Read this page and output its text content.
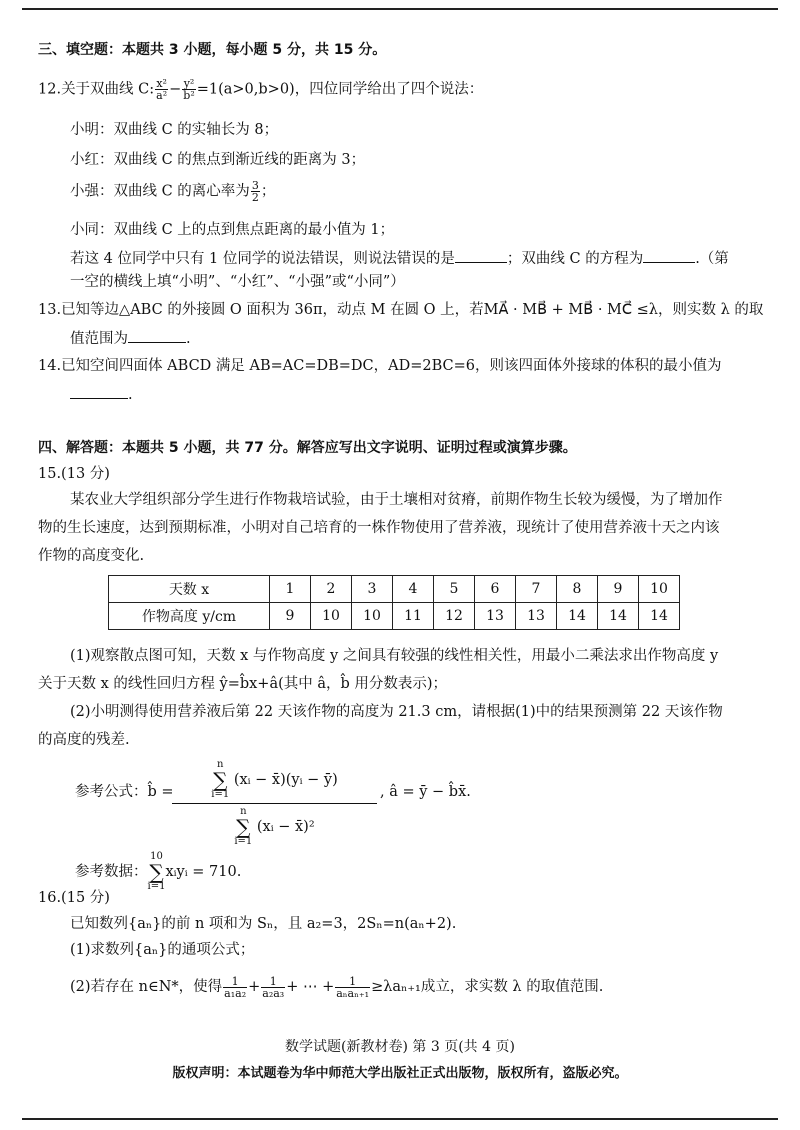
三、填空题：本题共 3 小题，每小题 5 分，共 15 分。
12.关于双曲线 C: $\frac{\text{x²}}{\text{a²}} - \frac{\text{y²}}{\text{b²}} =1(a>0,b>0)$，四位同学给出了四个说法：
小明：双曲线 C 的实轴长为 8；
小红：双曲线 C 的焦点到渐近线的距离为 3；
小强：双曲线 C 的离心率为 $\frac{3}{2}$ ；
小同：双曲线 C 上的点到焦点距离的最小值为 1；
若这 4 位同学中只有 1 位同学的说法错误，则说法错误的是	；双曲线 C 的方程为	.（第
一空的横线上填“小明”、“小红”、“小强”或“小同”）
13.已知等边△ABC 的外接圆 O 面积为 36π，动点 M 在圆 O 上，若MA⃗ · MB⃗ + MB⃗ · MC⃗ ≤λ，则实数 λ 的取
值范围为	.
14.已知空间四面体 ABCD 满足 AB=AC=DB=DC，AD=2BC=6，则该四面体外接球的体积的最小值为
.
四、解答题：本题共 5 小题，共 77 分。解答应写出文字说明、证明过程或演算步骤。
15.(13 分)
某农业大学组织部分学生进行作物栽培试验，由于土壤相对贫瘠，前期作物生长较为缓慢，为了增加作
物的生长速度，达到预期标准，小明对自己培育的一株作物使用了营养液，现统计了使用营养液十天之内该
作物的高度变化.
天数 x	1	2	3	4	5	6	7	8	9	10
作物高度 y/cm	9	10	10	11	12	13	13	14	14	14
(1)观察散点图可知，天数 x 与作物高度 y 之间具有较强的线性相关性，用最小二乘法求出作物高度 y
关于天数 x 的线性回归方程 ŷ=b̂x+â(其中 â，b̂ 用分数表示)；
(2)小明测得使用营养液后第 22 天该作物的高度为 21.3 cm，请根据(1)中的结果预测第 22 天该作物
的高度的残差.
参考公式：b̂ =
n
∑
i=1 (xᵢ − x̄)(yᵢ − ȳ)
n
∑
i=1 (xᵢ − x̄)² , â = ȳ − b̂x̄.
参考数据：10
∑
i=1xᵢyᵢ = 710.
16.(15 分)
已知数列{aₙ}的前 n 项和为 Sₙ，且 a₂=3，2Sₙ=n(aₙ+2).
(1)求数列{aₙ}的通项公式；
(2)若存在 n∈N*，使得 $\frac{1}{\text{a₁a₂}} + \frac{1}{\text{a₂a₃}}$ + ⋯ + $\frac{1}{\text{aₙaₙ₊₁}} \ge\lambda a_{n+1}$成立，求实数 λ 的取值范围.
数学试题(新教材卷) 第 3 页(共 4 页)
版权声明：本试题卷为华中师范大学出版社正式出版物，版权所有，盗版必究。
